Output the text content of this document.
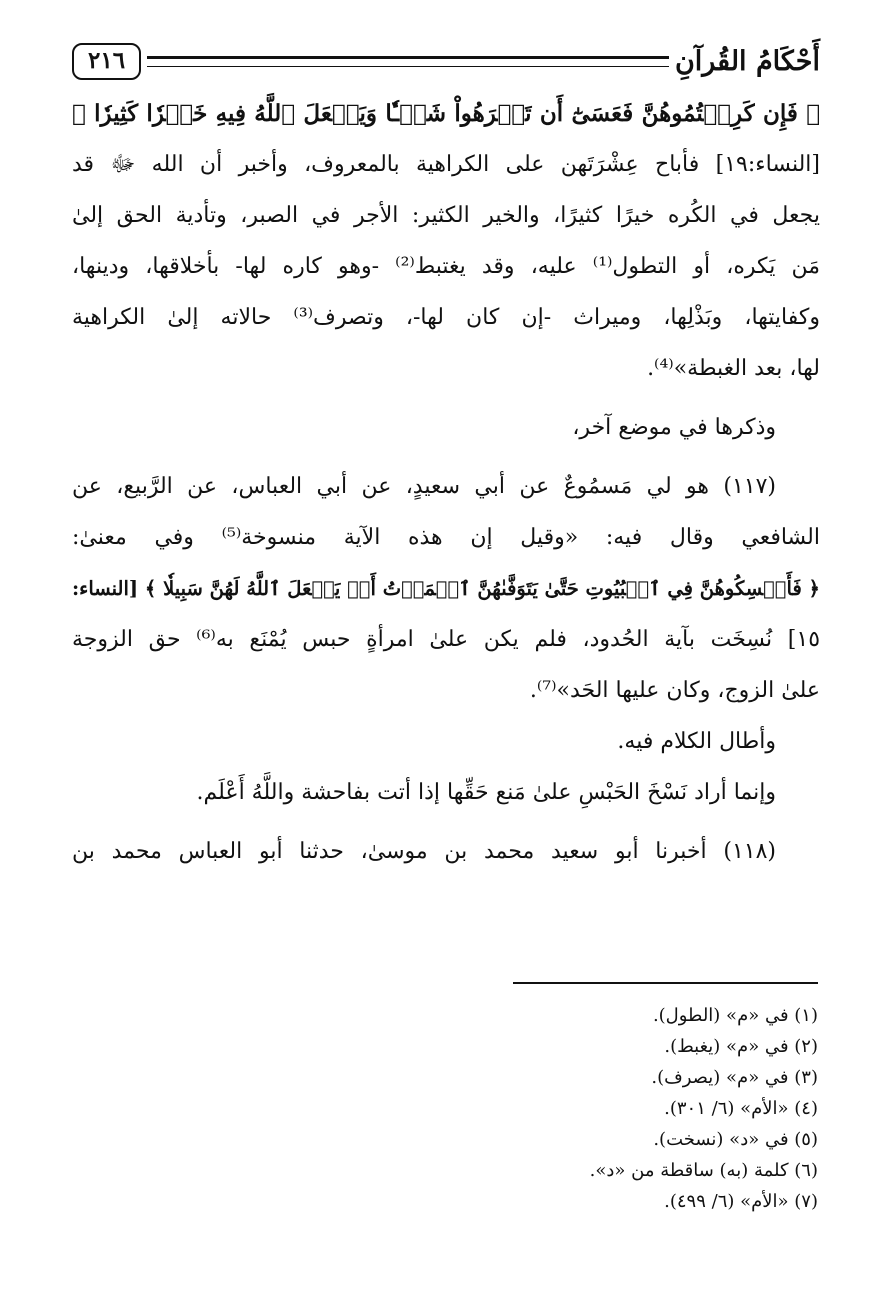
أَحْكَامُ القُرآنِ
٢١٦
﴿ فَإِن كَرِهۡتُمُوهُنَّ فَعَسَىٰٓ أَن تَكۡرَهُواْ شَيۡـٔٗا وَيَجۡعَلَ ٱللَّهُ فِيهِ خَيۡرٗا كَثِيرٗا ﴾
[النساء:١٩] فأباح عِشْرَتَهن على الكراهية بالمعروف، وأخبر أن الله ﷻ قد
يجعل في الكُره خيرًا كثيرًا، والخير الكثير: الأجر في الصبر، وتأدية الحق إلىٰ
مَن يَكره، أو التطول⁽¹⁾ عليه، وقد يغتبط⁽²⁾ -وهو كاره لها- بأخلاقها، ودينها،
وكفايتها، وبَذْلِها، وميراث -إن كان لها-، وتصرف⁽³⁾ حالاته إلىٰ الكراهية
لها، بعد الغبطة»⁽⁴⁾.
وذكرها في موضع آخر،
(١١٧) هو لي مَسمُوعٌ عن أبي سعيدٍ، عن أبي العباس، عن الرَّبيع، عن
الشافعي وقال فيه: «وقيل إن هذه الآية منسوخة⁽⁵⁾ وفي معنىٰ:
﴿ فَأَمۡسِكُوهُنَّ فِي ٱلۡبُيُوتِ حَتَّىٰ يَتَوَفَّىٰهُنَّ ٱلۡمَوۡتُ أَوۡ يَجۡعَلَ ٱللَّهُ لَهُنَّ سَبِيلٗا ﴾ [النساء:
١٥] نُسِخَت بآية الحُدود، فلم يكن علىٰ امرأةٍ حبس يُمْنَع به⁽⁶⁾ حق الزوجة
علىٰ الزوج، وكان عليها الحَد»⁽⁷⁾.
وأطال الكلام فيه.
وإنما أراد نَسْخَ الحَبْسِ علىٰ مَنع حَقِّها إذا أتت بفاحشة واللَّهُ أَعْلَم.
(١١٨) أخبرنا أبو سعيد محمد بن موسىٰ، حدثنا أبو العباس محمد بن
(١) في «م» (الطول).
(٢) في «م» (يغبط).
(٣) في «م» (يصرف).
(٤) «الأم» (٦/ ٣٠١).
(٥) في «د» (نسخت).
(٦) كلمة (به) ساقطة من «د».
(٧) «الأم» (٦/ ٤٩٩).
